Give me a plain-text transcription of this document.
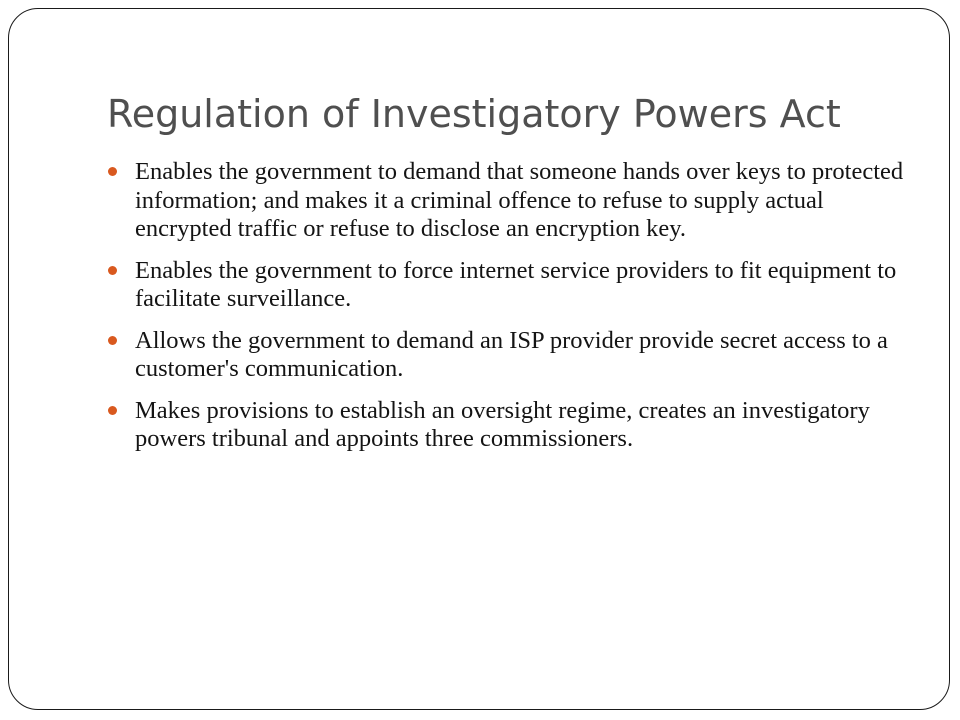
Regulation of Investigatory Powers Act
Enables the government to demand that someone hands over keys to protected information; and makes it a criminal offence to refuse to supply actual encrypted traffic or refuse to disclose an encryption key.
Enables the government to force internet service providers to fit equipment to facilitate surveillance.
Allows the government to demand an ISP provider provide secret access to a customer's communication.
Makes provisions to establish an oversight regime, creates an investigatory powers tribunal and appoints three commissioners.
